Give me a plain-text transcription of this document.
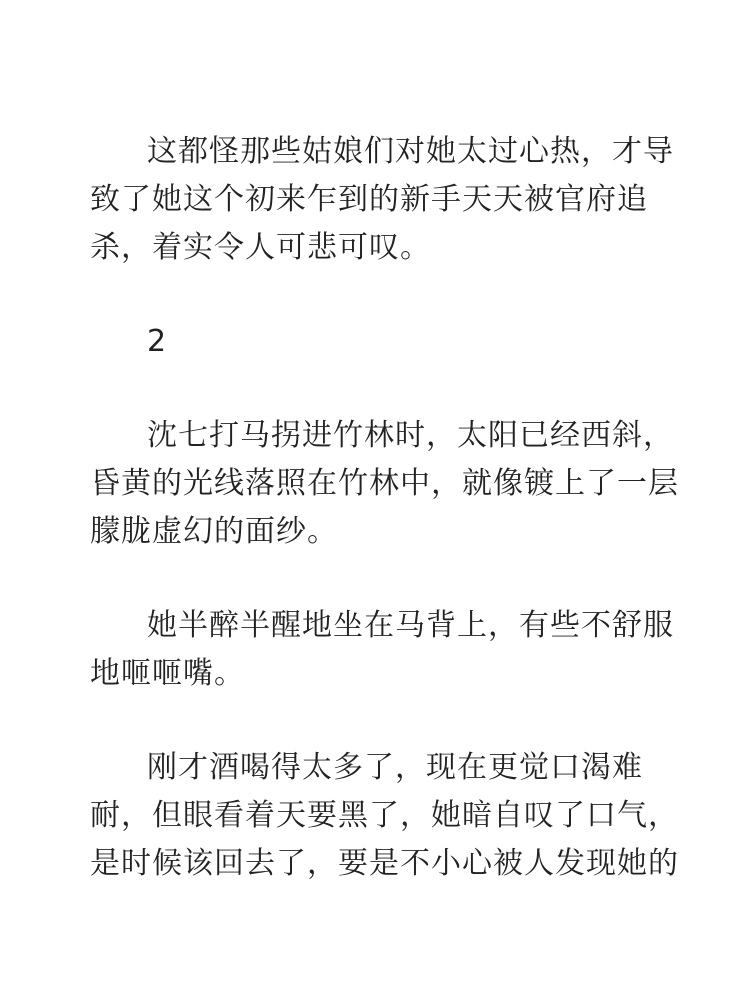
这都怪那些姑娘们对她太过心热，才导
致了她这个初来乍到的新手天天被官府追
杀，着实令人可悲可叹。

2

沈七打马拐进竹林时，太阳已经西斜，
昏黄的光线落照在竹林中，就像镀上了一层
朦胧虚幻的面纱。

她半醉半醒地坐在马背上，有些不舒服
地咂咂嘴。

刚才酒喝得太多了，现在更觉口渴难
耐，但眼看着天要黑了，她暗自叹了口气，
是时候该回去了，要是不小心被人发现她的
